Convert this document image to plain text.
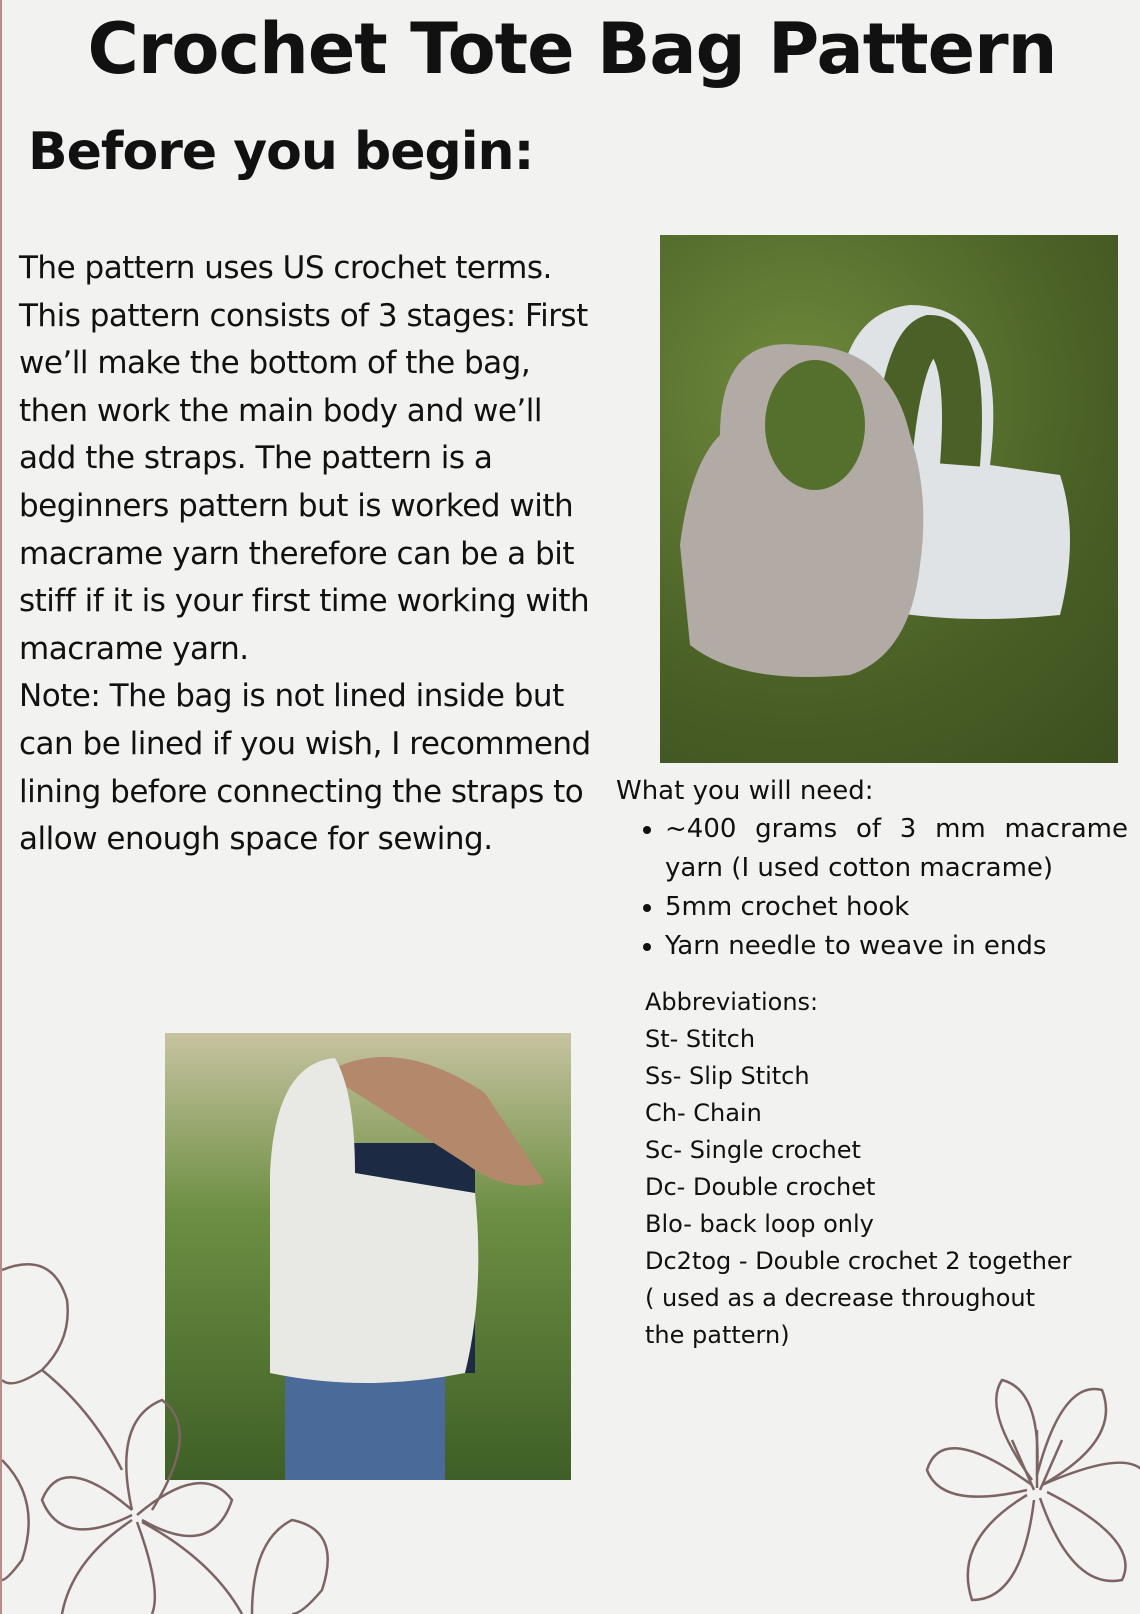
Crochet Tote Bag Pattern
Before you begin:

The pattern uses US crochet terms.

This pattern consists of 3 stages: First we’ll make the bottom of the bag, then work the main body and we’ll add the straps. The pattern is a beginners pattern but is worked with macrame yarn therefore can be a bit stiff if it is your first time working with macrame yarn.

Note: The bag is not lined inside but can be lined if you wish, I recommend lining before connecting the straps to allow enough space for sewing.

What you will need:
• ~400 grams of 3 mm macrame yarn (I used cotton macrame)
• 5mm crochet hook
• Yarn needle to weave in ends
Abbreviations:
St- Stitch
Ss- Slip Stitch
Ch- Chain
Sc- Single crochet
Dc- Double crochet
Blo- back loop only
Dc2tog - Double crochet 2 together ( used as a decrease throughout the pattern)
